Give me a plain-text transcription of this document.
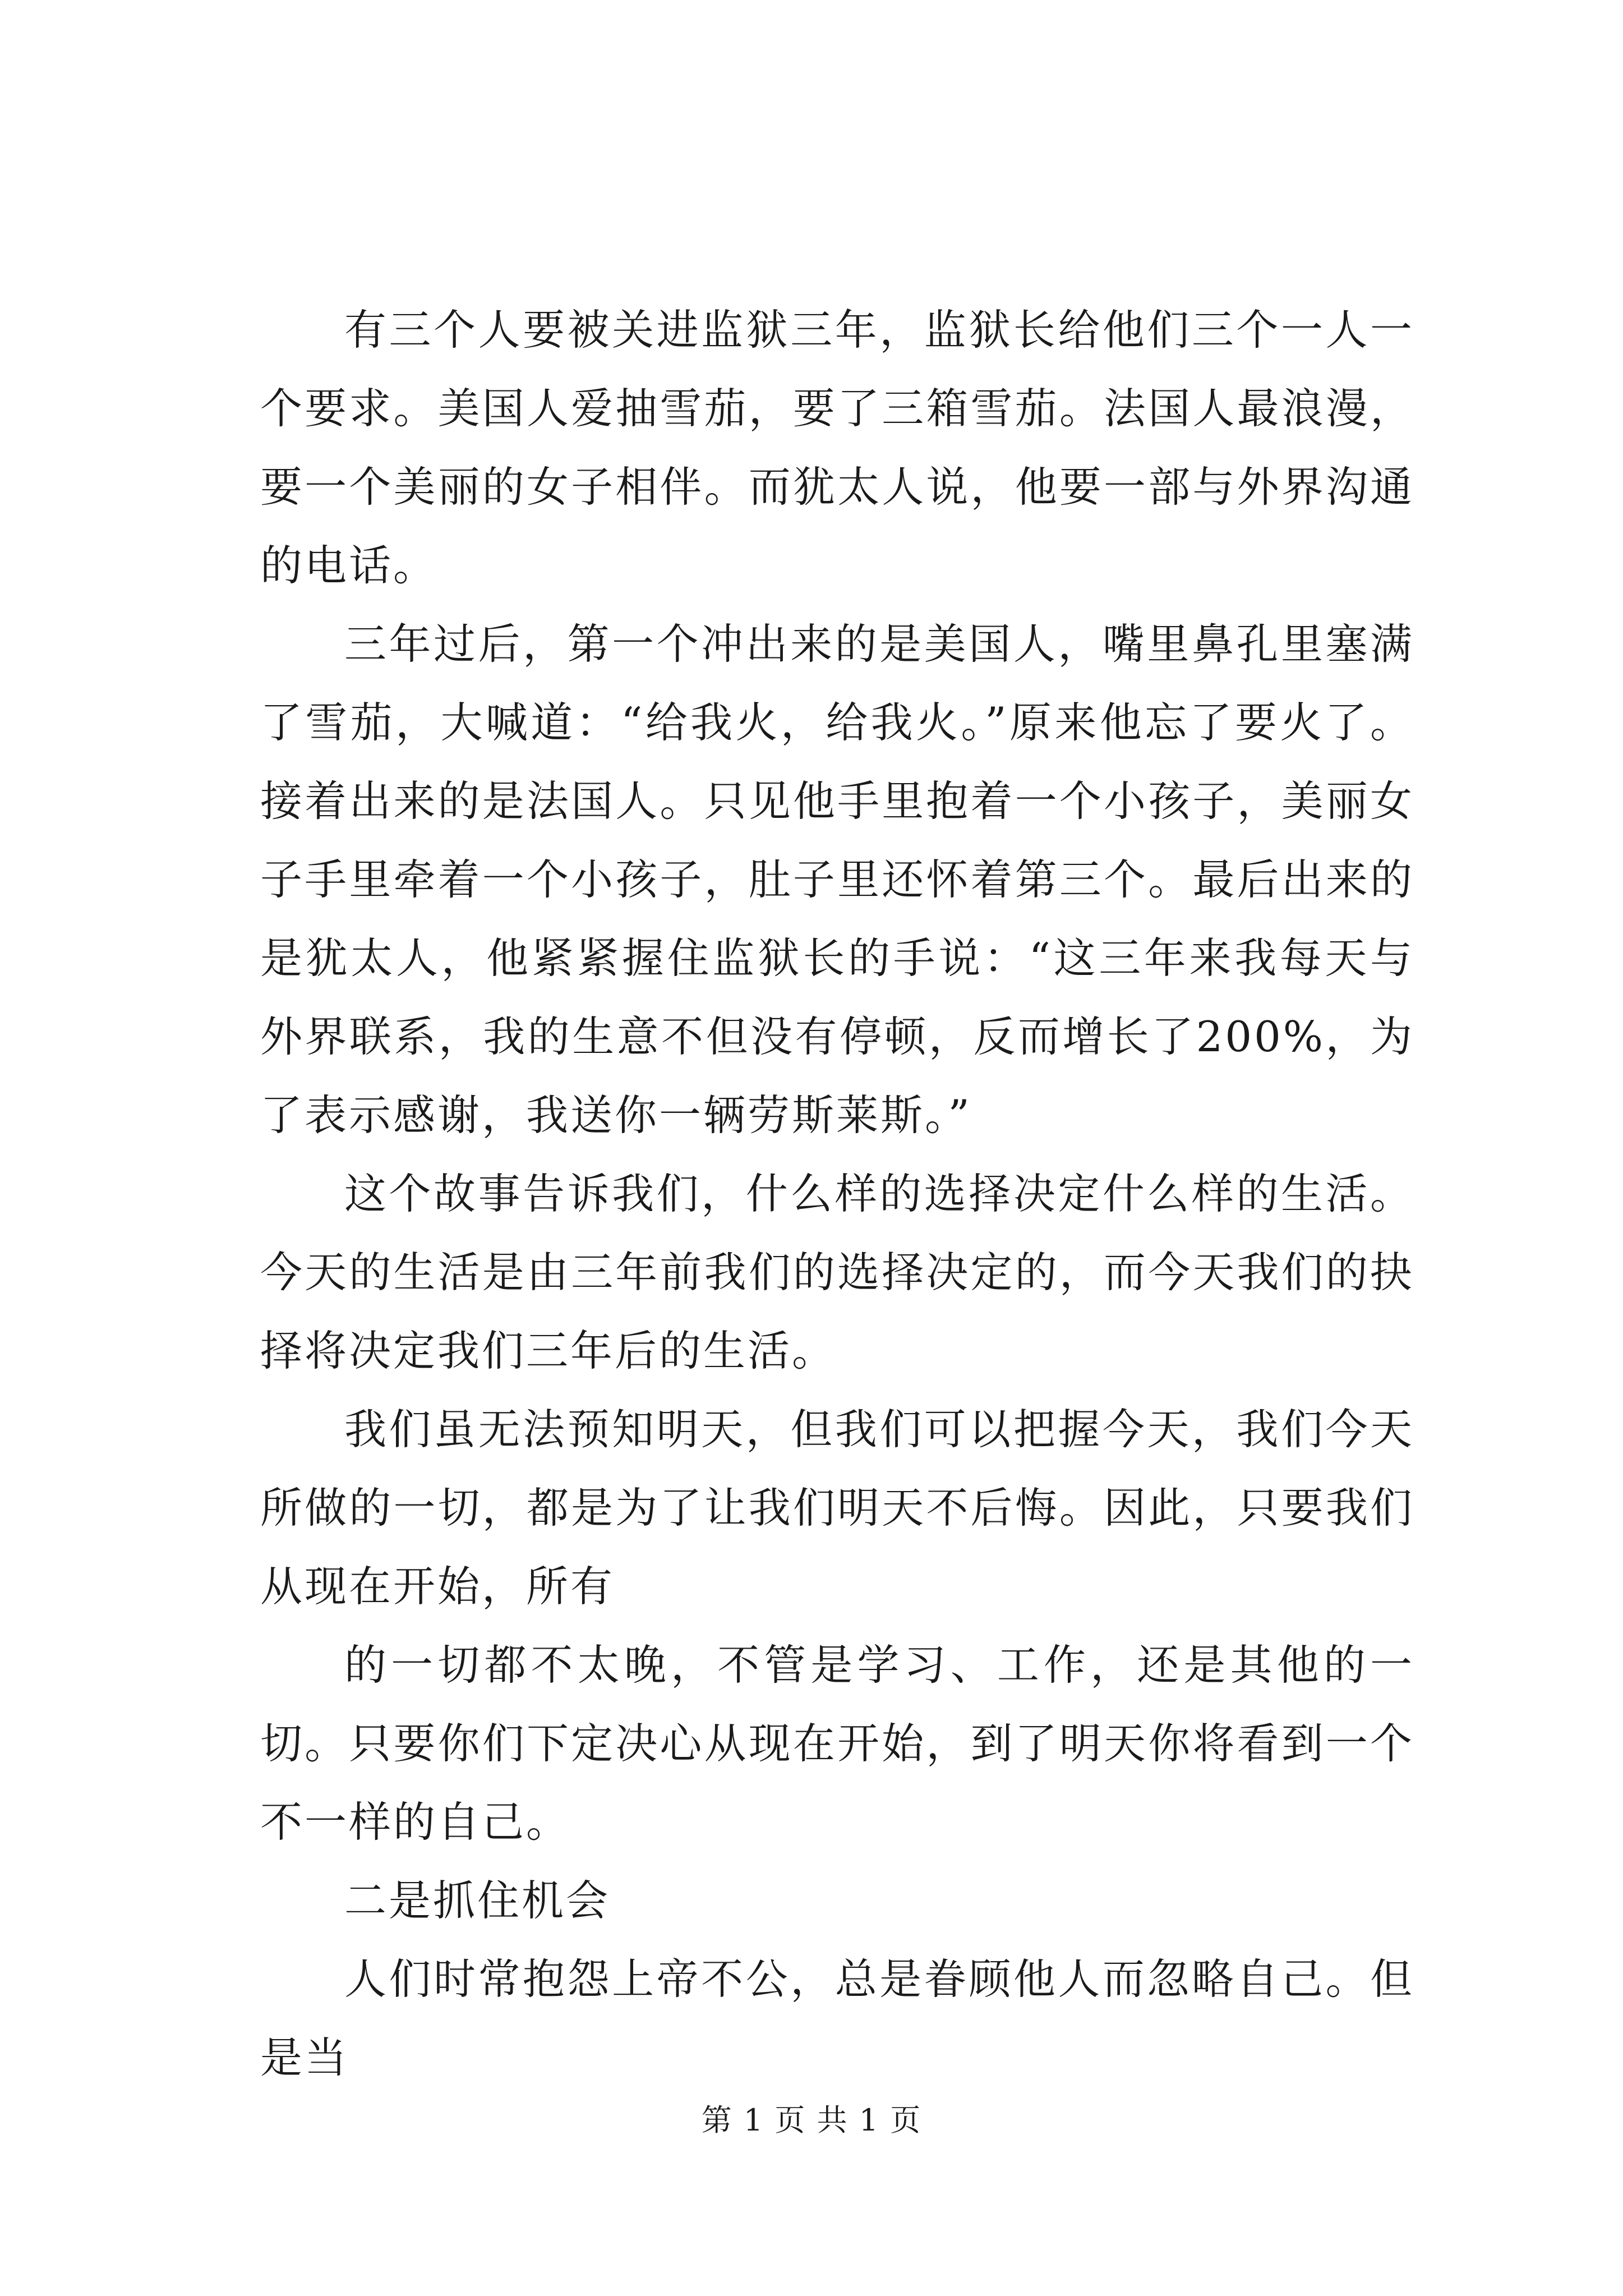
有三个人要被关进监狱三年，监狱长给他们三个一人一个要求。美国人爱抽雪茄，要了三箱雪茄。法国人最浪漫，要一个美丽的女子相伴。而犹太人说，他要一部与外界沟通的电话。

三年过后，第一个冲出来的是美国人，嘴里鼻孔里塞满了雪茄，大喊道：“给我火，给我火。”原来他忘了要火了。接着出来的是法国人。只见他手里抱着一个小孩子，美丽女子手里牵着一个小孩子，肚子里还怀着第三个。最后出来的是犹太人，他紧紧握住监狱长的手说：“这三年来我每天与外界联系，我的生意不但没有停顿，反而增长了200%，为了表示感谢，我送你一辆劳斯莱斯。”

这个故事告诉我们，什么样的选择决定什么样的生活。今天的生活是由三年前我们的选择决定的，而今天我们的抉择将决定我们三年后的生活。

我们虽无法预知明天，但我们可以把握今天，我们今天所做的一切，都是为了让我们明天不后悔。因此，只要我们从现在开始，所有

的一切都不太晚，不管是学习、工作，还是其他的一切。只要你们下定决心从现在开始，到了明天你将看到一个不一样的自己。

二是抓住机会

人们时常抱怨上帝不公，总是眷顾他人而忽略自己。但是当

第 1 页 共 1 页
